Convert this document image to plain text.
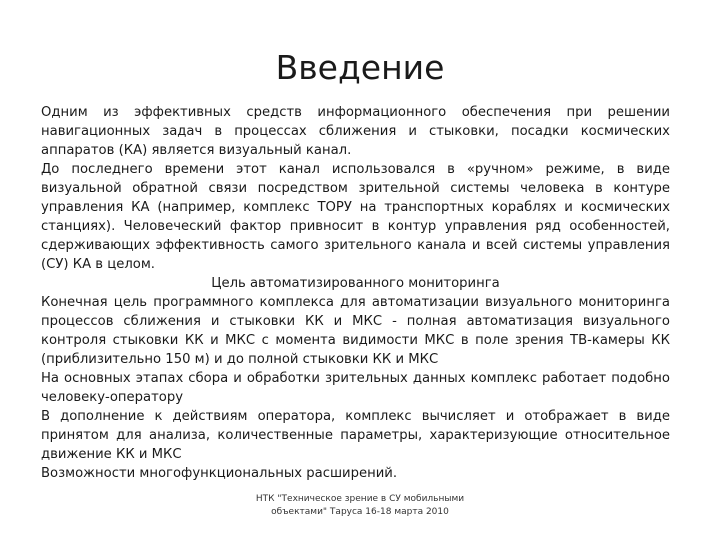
Введение

Одним из эффективных средств информационного обеспечения при решении навигационных задач в процессах сближения и стыковки, посадки космических аппаратов (КА) является визуальный канал.

До последнего времени этот канал использовался в «ручном» режиме, в виде визуальной обратной связи посредством зрительной системы человека в контуре управления КА (например, комплекс ТОРУ на транспортных кораблях и космических станциях). Человеческий фактор привносит в контур управления ряд особенностей, сдерживающих эффективность самого зрительного канала и всей системы управления (СУ) КА в целом.

Цель автоматизированного мониторинга

Конечная цель программного комплекса для автоматизации визуального мониторинга процессов сближения и стыковки КК и МКС - полная автоматизация визуального контроля стыковки КК и МКС с момента видимости МКС в поле зрения ТВ-камеры КК (приблизительно 150 м) и до полной стыковки КК и МКС

На основных этапах сбора и обработки зрительных данных комплекс работает подобно человеку-оператору

В дополнение к действиям оператора, комплекс вычисляет и отображает в виде принятом для анализа, количественные параметры, характеризующие относительное движение КК и МКС

Возможности многофункциональных расширений.

НТК "Техническое зрение в СУ мобильными объектами" Таруса 16-18 марта 2010
